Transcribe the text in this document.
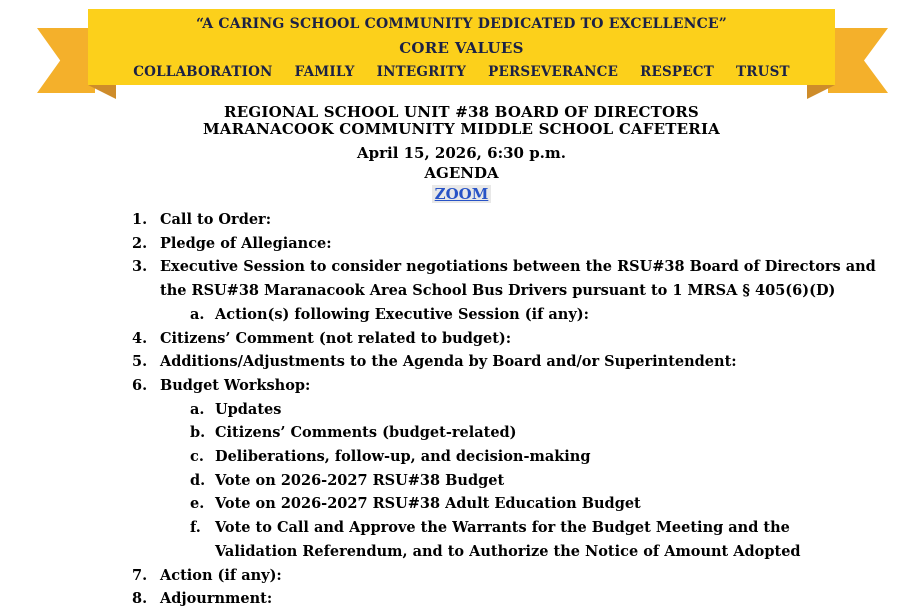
“A CARING SCHOOL COMMUNITY DEDICATED TO EXCELLENCE”
CORE VALUES
COLLABORATION FAMILY INTEGRITY PERSEVERANCE RESPECT TRUST
REGIONAL SCHOOL UNIT #38 BOARD OF DIRECTORS
MARANACOOK COMMUNITY MIDDLE SCHOOL CAFETERIA
April 15, 2026, 6:30 p.m.
AGENDA
ZOOM
1. Call to Order:
2. Pledge of Allegiance:
3. Executive Session to consider negotiations between the RSU#38 Board of Directors and the RSU#38 Maranacook Area School Bus Drivers pursuant to 1 MRSA § 405(6)(D)
a. Action(s) following Executive Session (if any):
4. Citizens’ Comment (not related to budget):
5. Additions/Adjustments to the Agenda by Board and/or Superintendent:
6. Budget Workshop:
a. Updates
b. Citizens’ Comments (budget-related)
c. Deliberations, follow-up, and decision-making
d. Vote on 2026-2027 RSU#38 Budget
e. Vote on 2026-2027 RSU#38 Adult Education Budget
f. Vote to Call and Approve the Warrants for the Budget Meeting and the Validation Referendum, and to Authorize the Notice of Amount Adopted
7. Action (if any):
8. Adjournment:
